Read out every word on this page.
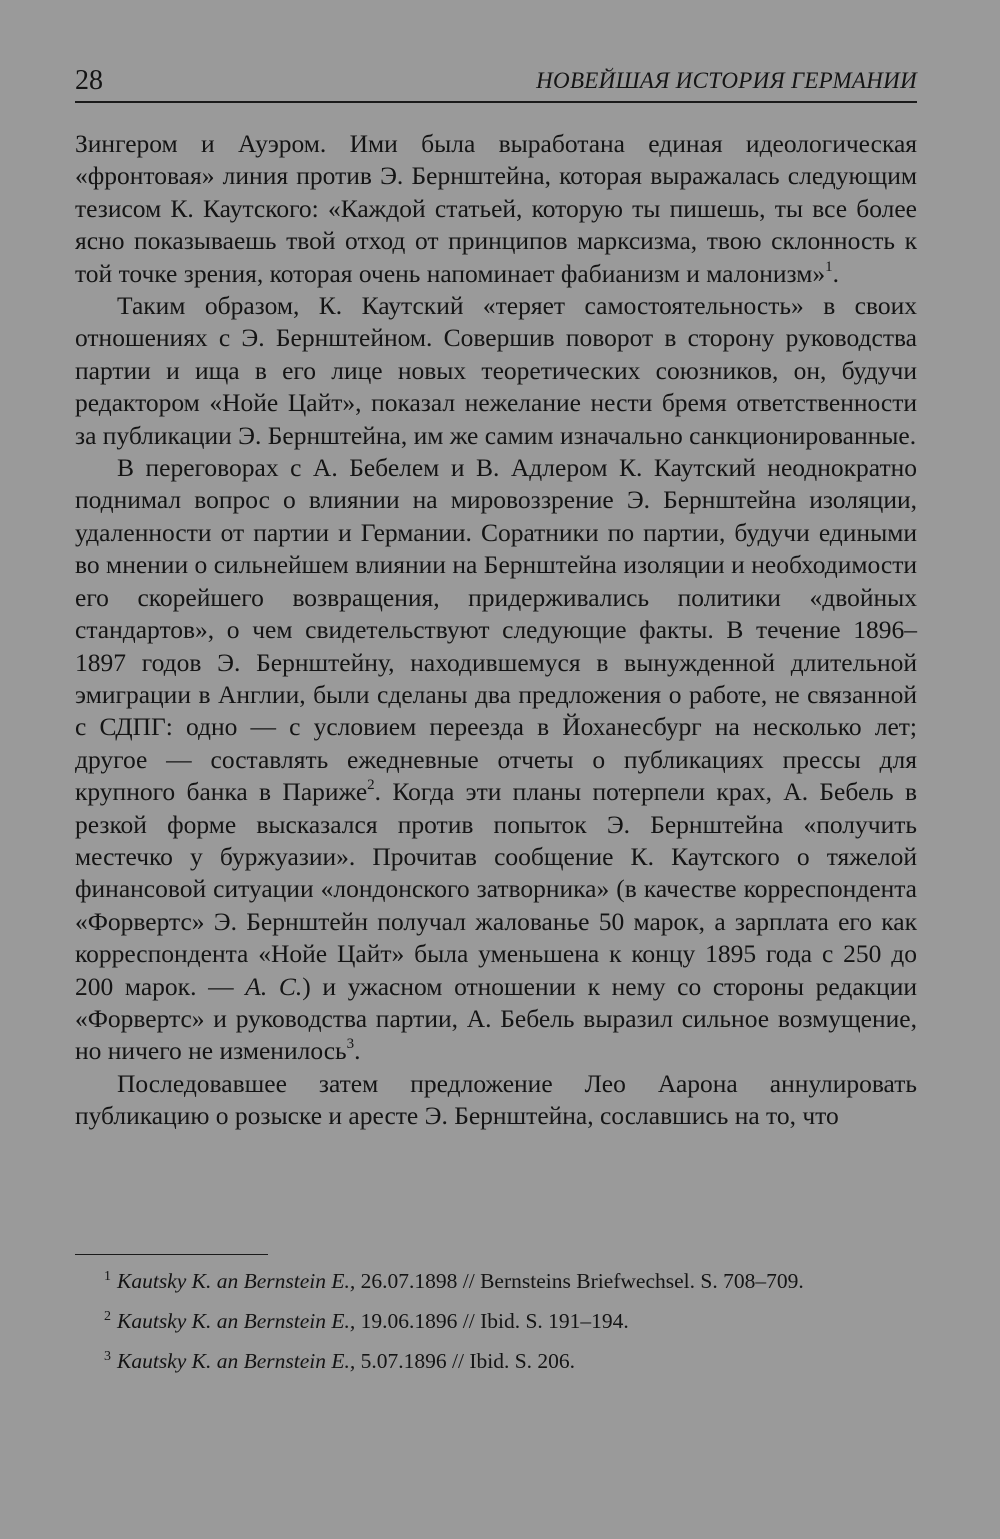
28	НОВЕЙШАЯ ИСТОРИЯ ГЕРМАНИИ

Зингером и Ауэром. Ими была выработана единая идеологическая «фронтовая» линия против Э. Бернштейна, которая выражалась следующим тезисом К. Каутского: «Каждой статьей, которую ты пишешь, ты все более ясно показываешь твой отход от принципов марксизма, твою склонность к той точке зрения, которая очень напоминает фабианизм и малонизм»$^1$.

Таким образом, К. Каутский «теряет самостоятельность» в своих отношениях с Э. Бернштейном. Совершив поворот в сторону руководства партии и ища в его лице новых теоретических союзников, он, будучи редактором «Нойе Цайт», показал нежелание нести бремя ответственности за публикации Э. Бернштейна, им же самим изначально санкционированные.

В переговорах с А. Бебелем и В. Адлером К. Каутский неоднократно поднимал вопрос о влиянии на мировоззрение Э. Бернштейна изоляции, удаленности от партии и Германии. Соратники по партии, будучи едиными во мнении о сильнейшем влиянии на Бернштейна изоляции и необходимости его скорейшего возвращения, придерживались политики «двойных стандартов», о чем свидетельствуют следующие факты. В течение 1896–1897 годов Э. Бернштейну, находившемуся в вынужденной длительной эмиграции в Англии, были сделаны два предложения о работе, не связанной с СДПГ: одно — с условием переезда в Йоханесбург на несколько лет; другое — составлять ежедневные отчеты о публикациях прессы для крупного банка в Париже$^2$. Когда эти планы потерпели крах, А. Бебель в резкой форме высказался против попыток Э. Бернштейна «получить местечко у буржуазии». Прочитав сообщение К. Каутского о тяжелой финансовой ситуации «лондонского затворника» (в качестве корреспондента «Форвертс» Э. Бернштейн получал жалованье 50 марок, а зарплата его как корреспондента «Нойе Цайт» была уменьшена к концу 1895 года с 250 до 200 марок. — А. С.) и ужасном отношении к нему со стороны редакции «Форвертс» и руководства партии, А. Бебель выразил сильное возмущение, но ничего не изменилось$^3$.

Последовавшее затем предложение Лео Аарона аннулировать публикацию о розыске и аресте Э. Бернштейна, сославшись на то, что

$^1$ Kautsky K. an Bernstein E., 26.07.1898 // Bernsteins Briefwechsel. S. 708–709.

$^2$ Kautsky K. an Bernstein E., 19.06.1896 // Ibid. S. 191–194.

$^3$ Kautsky K. an Bernstein E., 5.07.1896 // Ibid. S. 206.
